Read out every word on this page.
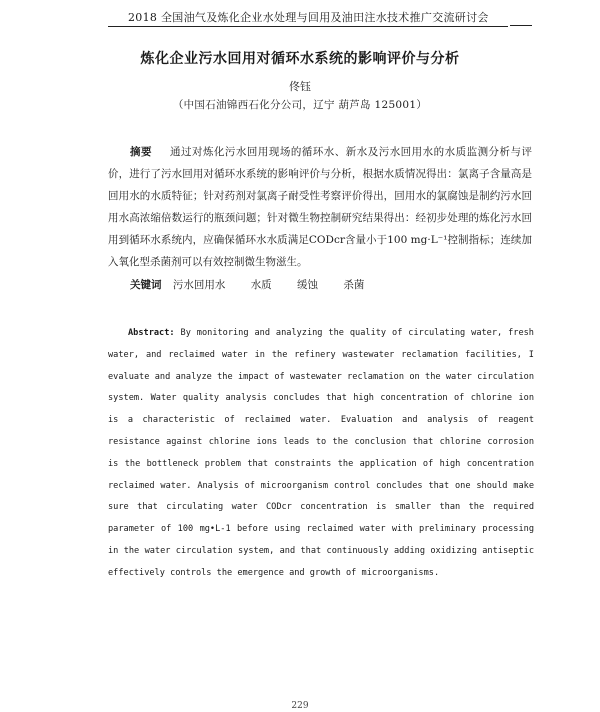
2018 全国油气及炼化企业水处理与回用及油田注水技术推广交流研讨会
炼化企业污水回用对循环水系统的影响评价与分析
佟钰
（中国石油锦西石化分公司，辽宁 葫芦岛 125001）
摘要 通过对炼化污水回用现场的循环水、新水及污水回用水的水质监测分析与评价，进行了污水回用对循环水系统的影响评价与分析，根据水质情况得出：氯离子含量高是回用水的水质特征；针对药剂对氯离子耐受性考察评价得出，回用水的氯腐蚀是制约污水回用水高浓缩倍数运行的瓶颈问题；针对微生物控制研究结果得出：经初步处理的炼化污水回用到循环水系统内，应确保循环水水质满足CODcr含量小于100 mg·L⁻¹控制指标；连续加入氧化型杀菌剂可以有效控制微生物滋生。
关键词 污水回用水 水质 缓蚀 杀菌
Abstract: By monitoring and analyzing the quality of circulating water, fresh water, and reclaimed water in the refinery wastewater reclamation facilities, I evaluate and analyze the impact of wastewater reclamation on the water circulation system. Water quality analysis concludes that high concentration of chlorine ion is a characteristic of reclaimed water. Evaluation and analysis of reagent resistance against chlorine ions leads to the conclusion that chlorine corrosion is the bottleneck problem that constraints the application of high concentration reclaimed water. Analysis of microorganism control concludes that one should make sure that circulating water CODcr concentration is smaller than the required parameter of 100 mg•L-1 before using reclaimed water with preliminary processing in the water circulation system, and that continuously adding oxidizing antiseptic effectively controls the emergence and growth of microorganisms.
229
